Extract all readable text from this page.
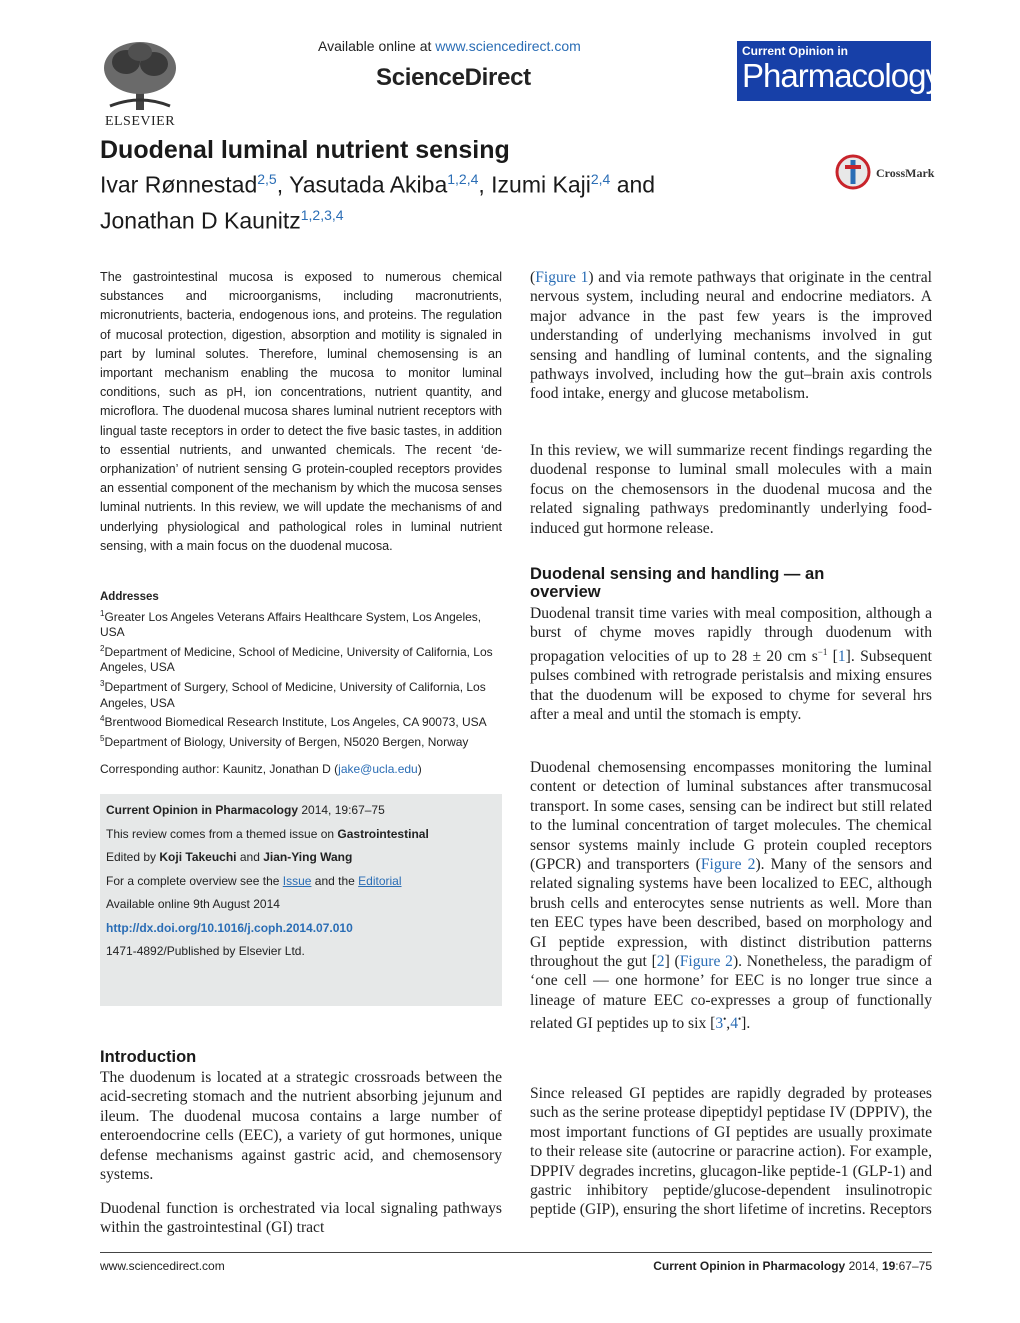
ELSEVIER
Available online at www.sciencedirect.com
ScienceDirect
Current Opinion in
Pharmacology
Duodenal luminal nutrient sensing
Ivar Rønnestad$^{2,5}$, Yasutada Akiba$^{1,2,4}$, Izumi Kaji$^{2,4}$ and
Jonathan D Kaunitz$^{1,2,3,4}$
CrossMark
The gastrointestinal mucosa is exposed to numerous chemical substances and microorganisms, including macronutrients, micronutrients, bacteria, endogenous ions, and proteins. The regulation of mucosal protection, digestion, absorption and motility is signaled in part by luminal solutes. Therefore, luminal chemosensing is an important mechanism enabling the mucosa to monitor luminal conditions, such as pH, ion concentrations, nutrient quantity, and microflora. The duodenal mucosa shares luminal nutrient receptors with lingual taste receptors in order to detect the five basic tastes, in addition to essential nutrients, and unwanted chemicals. The recent ‘de-orphanization’ of nutrient sensing G protein-coupled receptors provides an essential component of the mechanism by which the mucosa senses luminal nutrients. In this review, we will update the mechanisms of and underlying physiological and pathological roles in luminal nutrient sensing, with a main focus on the duodenal mucosa.
Addresses
$^1$Greater Los Angeles Veterans Affairs Healthcare System, Los Angeles, USA
$^2$Department of Medicine, School of Medicine, University of California, Los Angeles, USA
$^3$Department of Surgery, School of Medicine, University of California, Los Angeles, USA
$^4$Brentwood Biomedical Research Institute, Los Angeles, CA 90073, USA
$^5$Department of Biology, University of Bergen, N5020 Bergen, Norway
Corresponding author: Kaunitz, Jonathan D (jake@ucla.edu)
Current Opinion in Pharmacology 2014, 19:67–75
This review comes from a themed issue on Gastrointestinal
Edited by Koji Takeuchi and Jian-Ying Wang
For a complete overview see the Issue and the Editorial
Available online 9th August 2014
http://dx.doi.org/10.1016/j.coph.2014.07.010
1471-4892/Published by Elsevier Ltd.
Introduction
The duodenum is located at a strategic crossroads between the acid-secreting stomach and the nutrient absorbing jejunum and ileum. The duodenal mucosa contains a large number of enteroendocrine cells (EEC), a variety of gut hormones, unique defense mechanisms against gastric acid, and chemosensory systems.
Duodenal function is orchestrated via local signaling pathways within the gastrointestinal (GI) tract
(Figure 1) and via remote pathways that originate in the central nervous system, including neural and endocrine mediators. A major advance in the past few years is the improved understanding of underlying mechanisms involved in gut sensing and handling of luminal contents, and the signaling pathways involved, including how the gut–brain axis controls food intake, energy and glucose metabolism.
In this review, we will summarize recent findings regarding the duodenal response to luminal small molecules with a main focus on the chemosensors in the duodenal mucosa and the related signaling pathways predominantly underlying food-induced gut hormone release.
Duodenal sensing and handling — an
overview
Duodenal transit time varies with meal composition, although a burst of chyme moves rapidly through duodenum with propagation velocities of up to 28 ± 20 cm $s^{-1}$ [1]. Subsequent pulses combined with retrograde peristalsis and mixing ensures that the duodenum will be exposed to chyme for several hrs after a meal and until the stomach is empty.
Duodenal chemosensing encompasses monitoring the luminal content or detection of luminal substances after transmucosal transport. In some cases, sensing can be indirect but still related to the luminal concentration of target molecules. The chemical sensor systems mainly include G protein coupled receptors (GPCR) and transporters (Figure 2). Many of the sensors and related signaling systems have been localized to EEC, although brush cells and enterocytes sense nutrients as well. More than ten EEC types have been described, based on morphology and GI peptide expression, with distinct distribution patterns throughout the gut [2] (Figure 2). Nonetheless, the paradigm of ‘one cell — one hormone’ for EEC is no longer true since a lineage of mature EEC co-expresses a group of functionally related GI peptides up to six [3•,4•].
Since released GI peptides are rapidly degraded by proteases such as the serine protease dipeptidyl peptidase IV (DPPIV), the most important functions of GI peptides are usually proximate to their release site (autocrine or paracrine action). For example, DPPIV degrades incretins, glucagon-like peptide-1 (GLP-1) and gastric inhibitory peptide/glucose-dependent insulinotropic peptide (GIP), ensuring the short lifetime of incretins. Receptors
www.sciencedirect.com	Current Opinion in Pharmacology 2014, 19:67–75
